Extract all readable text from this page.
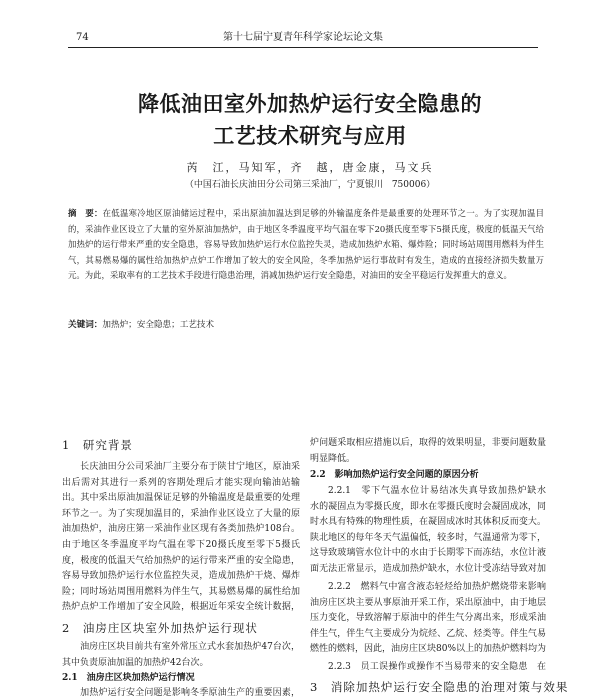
74	第十七届宁夏青年科学家论坛论文集
降低油田室外加热炉运行安全隐患的
工艺技术研究与应用
芮　江，马知军，齐　越，唐金康，马文兵
（中国石油长庆油田分公司第三采油厂，宁夏银川　750006）
摘　要：在低温寒冷地区原油储运过程中，采出原油加温达到足够的外输温度条件是最重要的处理环节之一。为了实现加温目的，采油作业区设立了大量的室外原油加热炉，由于地区冬季温度平均气温在零下20摄氏度至零下5摄氏度，极度的低温天气给加热炉的运行带来严重的安全隐患，容易导致加热炉运行水位监控失灵，造成加热炉水箱、爆炸险；同时场站周围用燃料为伴生气，其易燃易爆的属性给加热炉点炉工作增加了较大的安全风险，冬季加热炉运行事故时有发生，造成的直接经济损失数量万元。为此，采取率有的工艺技术手段进行隐患治理，消减加热炉运行安全隐患，对油田的安全平稳运行发挥重大的意义。
关键词：加热炉；安全隐患；工艺技术
1　研究背景

长庆油田分公司采油厂主要分布于陕甘宁地区，原油采出后需对其进行一系列的容期处理后才能实现向输油站输出。其中采出原油加温保证足够的外输温度是最重要的处理环节之一。为了实现加温目的，采油作业区设立了大量的原油加热炉，油房庄第一采油作业区现有各类加热炉108台。由于地区冬季温度平均气温在零下20摄氏度至零下5摄氏度，极度的低温天气给加热炉的运行带来严重的安全隐患，容易导致加热炉运行水位监控失灵，造成加热炉干烧、爆炸险；同时场站周围用燃料为伴生气，其易燃易爆的属性给加热炉点炉工作增加了安全风险，根据近年采安全统计数据，

2　油房庄区块室外加热炉运行现状

油房庄区块目前共有室外常压立式水套加热炉47台次，其中负责原油加温的加热炉42台次。

2.1　油房庄区块加热炉运行情况

加热炉运行安全问题是影响冬季原油生产的重要因素，

炉问题采取相应措施以后，取得的效果明显，非要问题数量明显降低。

2.2　影响加热炉运行安全问题的原因分析

2.2.1　零下气温水位计易结冰失真导致加热炉缺水　水的凝固点为零摄氏度，即水在零摄氏度时会凝固成冰，同时水具有特殊的物理性质，在凝固成冰时其体积反而变大。陕北地区的每年冬天气温偏低，较多时，气温通常为零下，这导致玻璃管水位计中的水由于长期零下而冻结，水位计液面无法正常显示，造成加热炉缺水，水位计受冻结导致对加

2.2.2　燃料气中富含液态轻烃给加热炉燃烧带来影响　油房庄区块主要从事原油开采工作，采出原油中，由于地层压力变化，导致溶解于原油中的伴生气分离出来，形成采油伴生气，伴生气主要成分为烷烃、乙烷、烃类等。伴生气易燃性的燃料，因此，油房庄区块80%以上的加热炉燃料均为

2.2.3　员工误操作或操作不当易带来的安全隐患　在

3　消除加热炉运行安全隐患的治理对策与效果
